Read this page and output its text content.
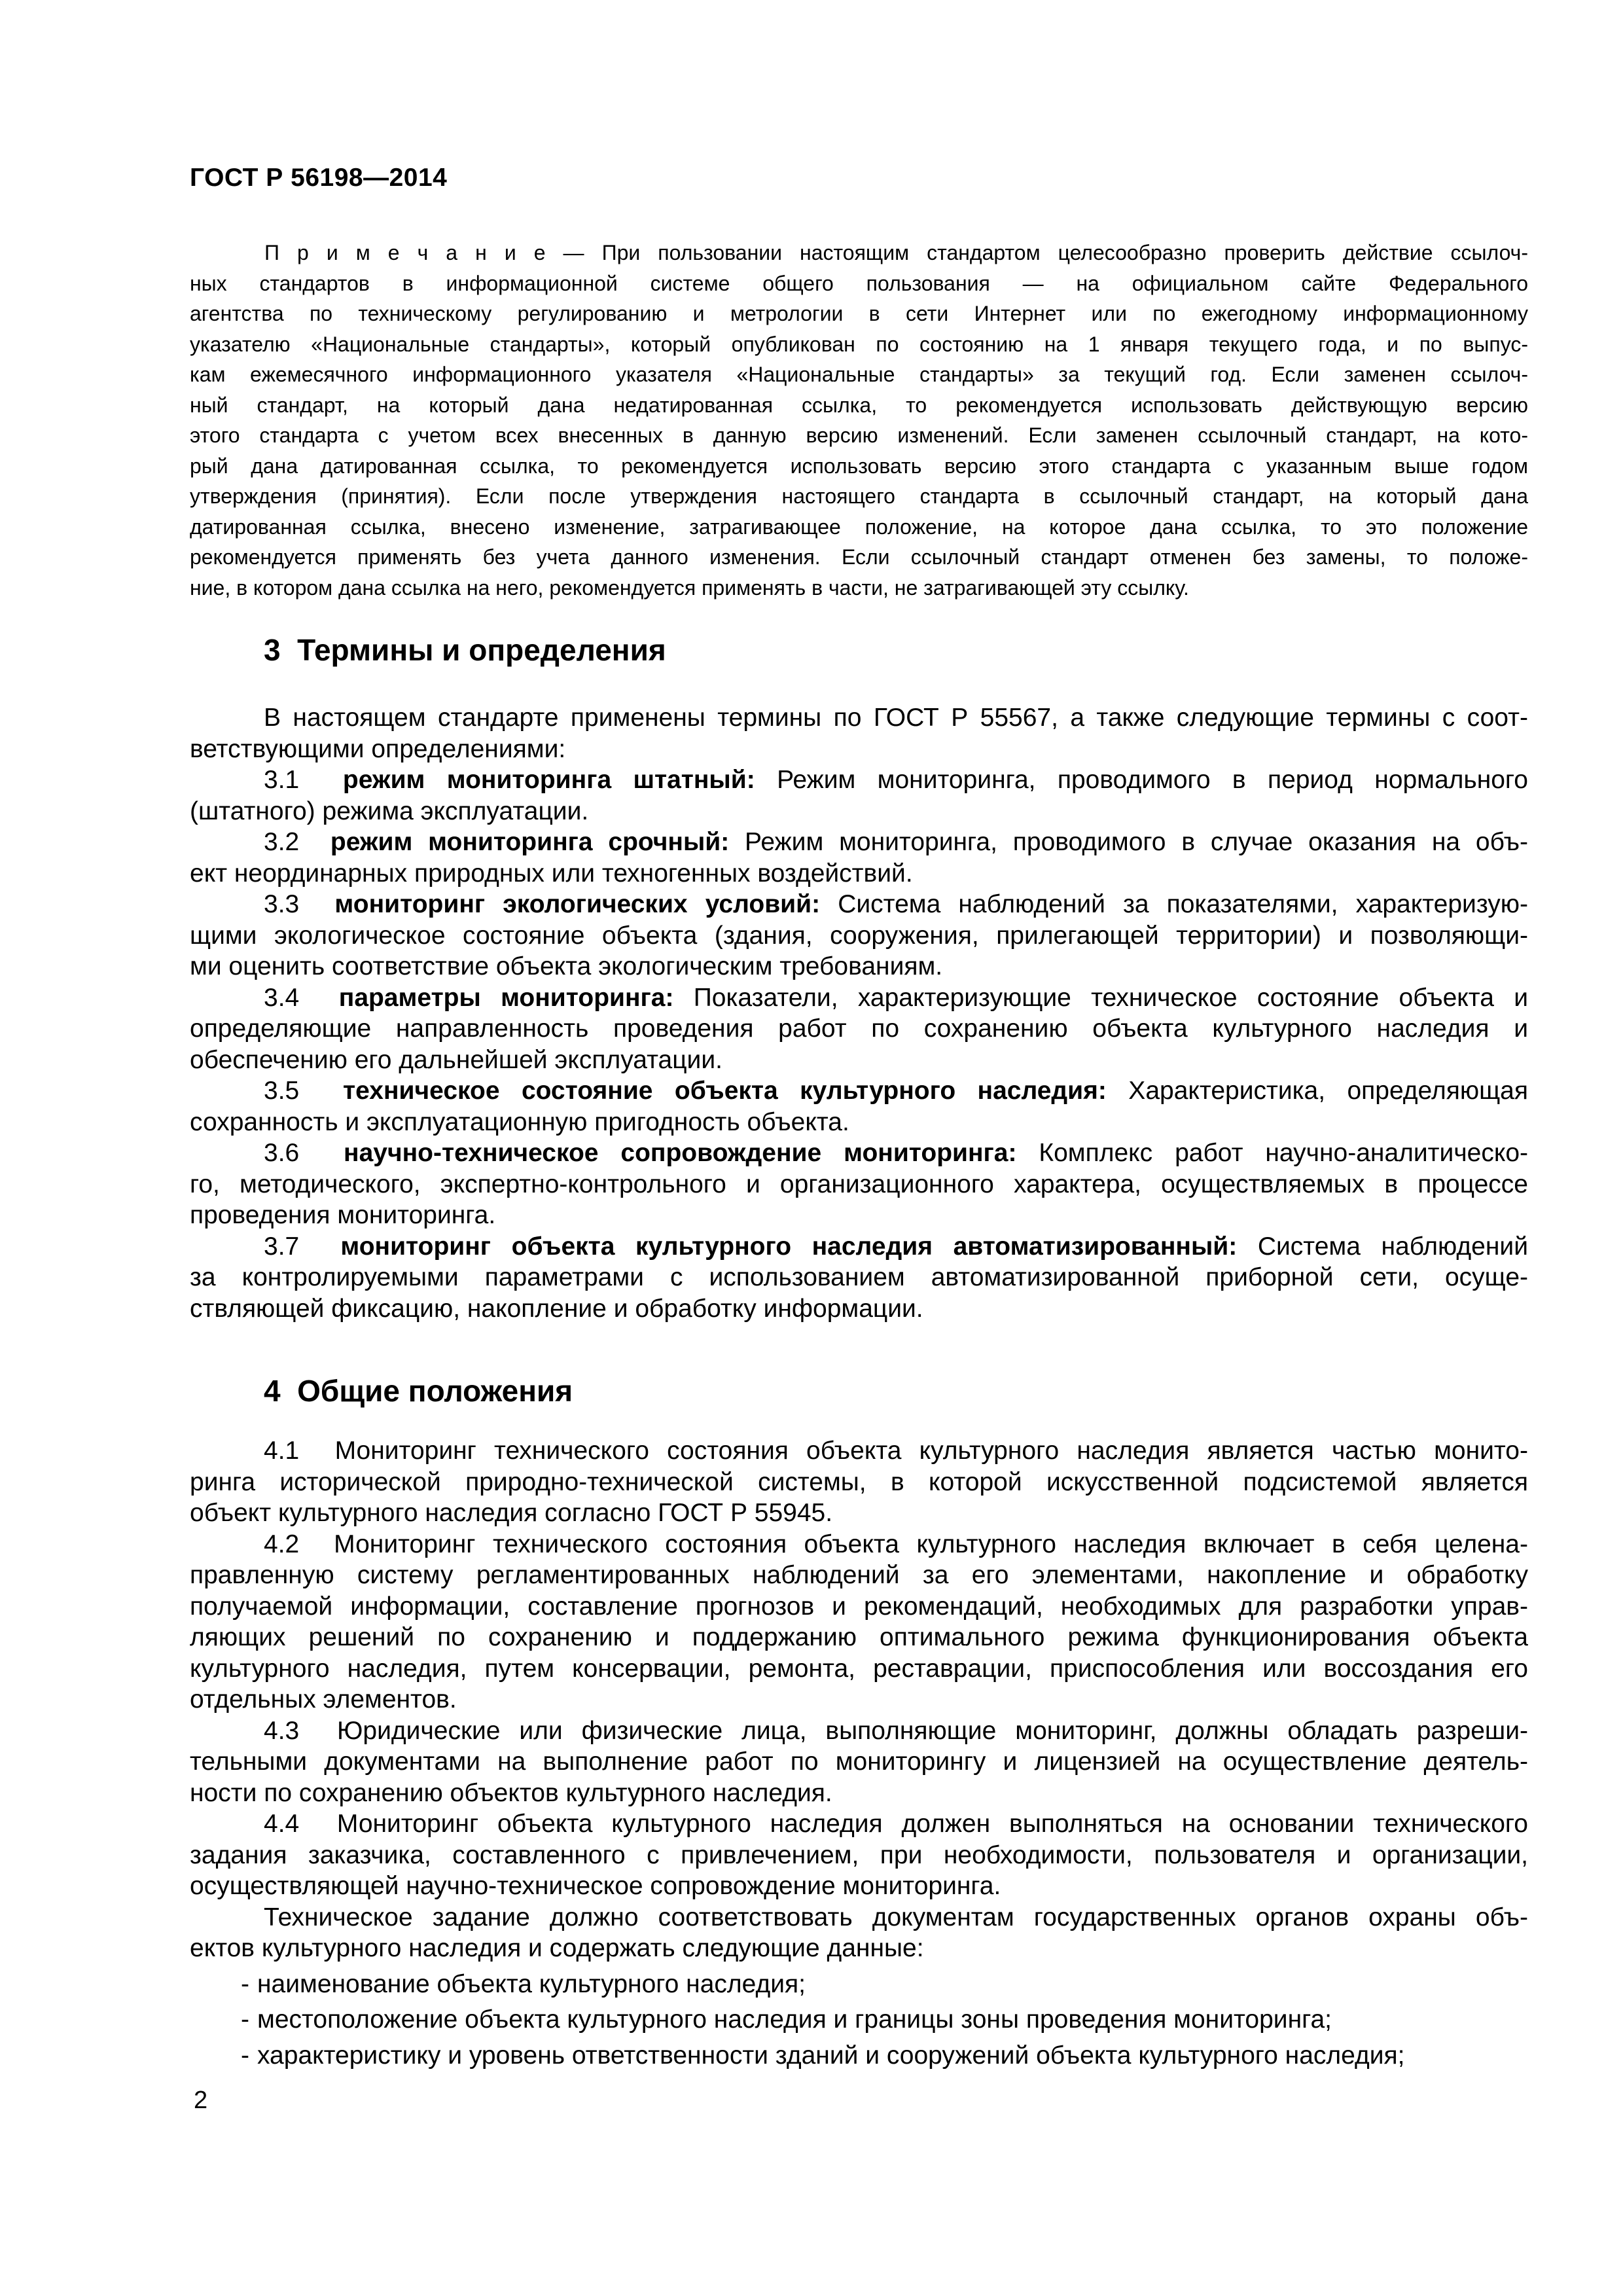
ГОСТ Р 56198—2014
П р и м е ч а н и е — При пользовании настоящим стандартом целесообразно проверить действие ссылоч-
ных стандартов в информационной системе общего пользования — на официальном сайте Федерального
агентства по техническому регулированию и метрологии в сети Интернет или по ежегодному информационному
указателю «Национальные стандарты», который опубликован по состоянию на 1 января текущего года, и по выпус-
кам ежемесячного информационного указателя «Национальные стандарты» за текущий год. Если заменен ссылоч-
ный стандарт, на который дана недатированная ссылка, то рекомендуется использовать действующую версию
этого стандарта с учетом всех внесенных в данную версию изменений. Если заменен ссылочный стандарт, на кото-
рый дана датированная ссылка, то рекомендуется использовать версию этого стандарта с указанным выше годом
утверждения (принятия). Если после утверждения настоящего стандарта в ссылочный стандарт, на который дана
датированная ссылка, внесено изменение, затрагивающее положение, на которое дана ссылка, то это положение
рекомендуется применять без учета данного изменения. Если ссылочный стандарт отменен без замены, то положе-
ние, в котором дана ссылка на него, рекомендуется применять в части, не затрагивающей эту ссылку.
3  Термины и определения
В настоящем стандарте применены термины по ГОСТ Р 55567, а также следующие термины с соот-
ветствующими определениями:
3.1  режим мониторинга штатный: Режим мониторинга, проводимого в период нормального
(штатного) режима эксплуатации.
3.2  режим мониторинга срочный: Режим мониторинга, проводимого в случае оказания на объ-
ект неординарных природных или техногенных воздействий.
3.3  мониторинг экологических условий: Система наблюдений за показателями, характеризую-
щими экологическое состояние объекта (здания, сооружения, прилегающей территории) и позволяющи-
ми оценить соответствие объекта экологическим требованиям.
3.4  параметры мониторинга: Показатели, характеризующие техническое состояние объекта и
определяющие направленность проведения работ по сохранению объекта культурного наследия и
обеспечению его дальнейшей эксплуатации.
3.5  техническое состояние объекта культурного наследия: Характеристика, определяющая
сохранность и эксплуатационную пригодность объекта.
3.6  научно-техническое сопровождение мониторинга: Комплекс работ научно-аналитическо-
го, методического, экспертно-контрольного и организационного характера, осуществляемых в процессе
проведения мониторинга.
3.7  мониторинг объекта культурного наследия автоматизированный: Система наблюдений
за контролируемыми параметрами с использованием автоматизированной приборной сети, осуще-
ствляющей фиксацию, накопление и обработку информации.
4  Общие положения
4.1  Мониторинг технического состояния объекта культурного наследия является частью монито-
ринга исторической природно-технической системы, в которой искусственной подсистемой является
объект культурного наследия согласно ГОСТ Р 55945.
4.2  Мониторинг технического состояния объекта культурного наследия включает в себя целена-
правленную систему регламентированных наблюдений за его элементами, накопление и обработку
получаемой информации, составление прогнозов и рекомендаций, необходимых для разработки управ-
ляющих решений по сохранению и поддержанию оптимального режима функционирования объекта
культурного наследия, путем консервации, ремонта, реставрации, приспособления или воссоздания его
отдельных элементов.
4.3  Юридические или физические лица, выполняющие мониторинг, должны обладать разреши-
тельными документами на выполнение работ по мониторингу и лицензией на осуществление деятель-
ности по сохранению объектов культурного наследия.
4.4  Мониторинг объекта культурного наследия должен выполняться на основании технического
задания заказчика, составленного с привлечением, при необходимости, пользователя и организации,
осуществляющей научно-техническое сопровождение мониторинга.
Техническое задание должно соответствовать документам государственных органов охраны объ-
ектов культурного наследия и содержать следующие данные:
- наименование объекта культурного наследия;
- местоположение объекта культурного наследия и границы зоны проведения мониторинга;
- характеристику и уровень ответственности зданий и сооружений объекта культурного наследия;
2
